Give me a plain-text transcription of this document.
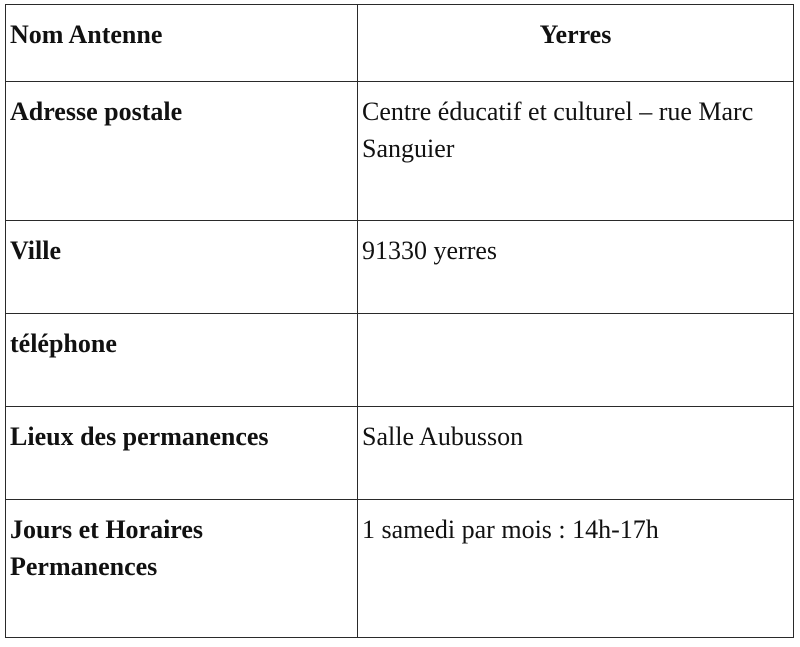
Nom Antenne	Yerres
Adresse postale	Centre éducatif et culturel – rue Marc Sanguier
Ville	91330 yerres
téléphone	
Lieux des permanences	Salle Aubusson
Jours et Horaires Permanences	1 samedi par mois : 14h-17h
